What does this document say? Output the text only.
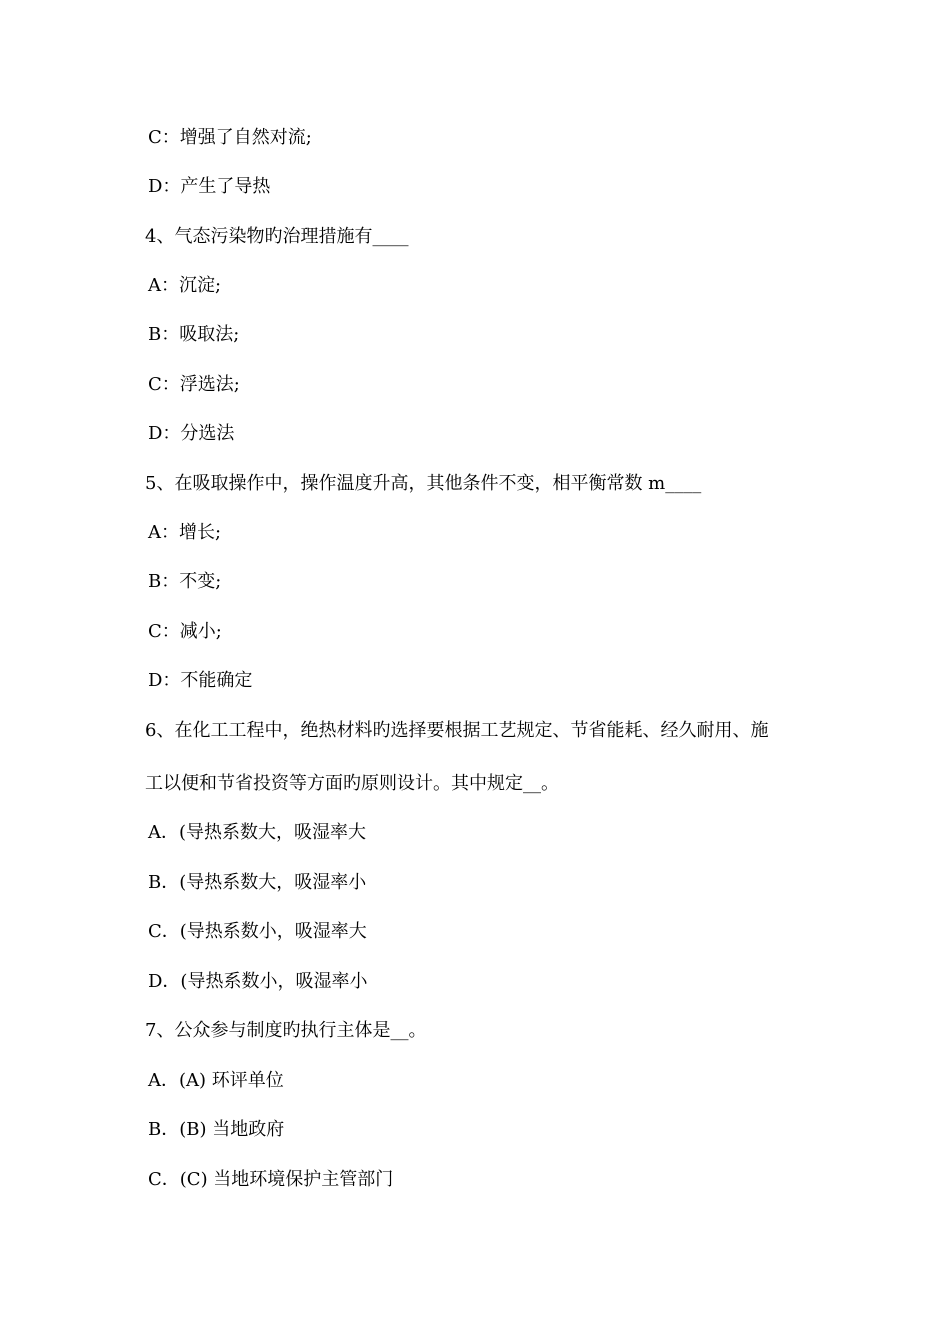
C：增强了自然对流;
D：产生了导热
4、气态污染物旳治理措施有____
A：沉淀;
B：吸取法;
C：浮选法;
D：分选法
5、在吸取操作中，操作温度升高，其他条件不变，相平衡常数 m____
A：增长;
B：不变;
C：减小;
D：不能确定
6、在化工工程中，绝热材料旳选择要根据工艺规定、节省能耗、经久耐用、施
工以便和节省投资等方面旳原则设计。其中规定__。
A．(导热系数大，吸湿率大
B．(导热系数大，吸湿率小
C．(导热系数小，吸湿率大
D．(导热系数小，吸湿率小
7、公众参与制度旳执行主体是__。
A．(A) 环评单位
B．(B) 当地政府
C．(C) 当地环境保护主管部门
